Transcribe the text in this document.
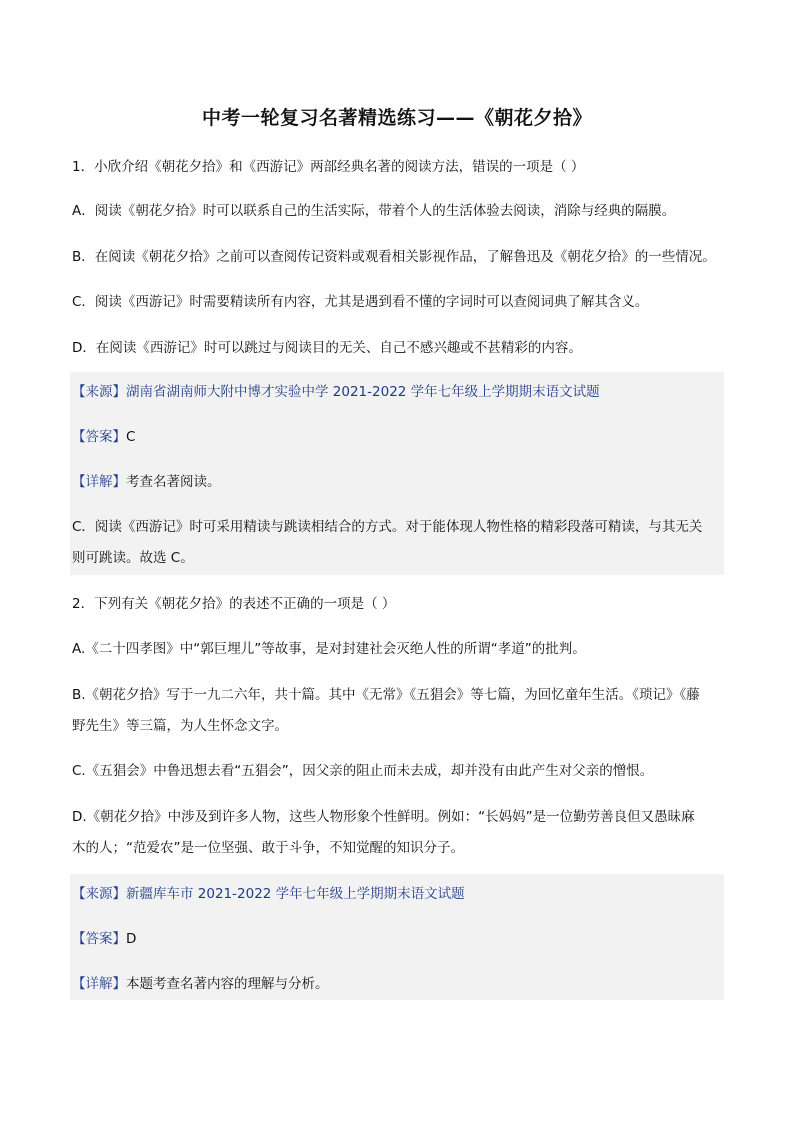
中考一轮复习名著精选练习——《朝花夕拾》
1．小欣介绍《朝花夕拾》和《西游记》两部经典名著的阅读方法，错误的一项是（ ）
A．阅读《朝花夕拾》时可以联系自己的生活实际，带着个人的生活体验去阅读，消除与经典的隔膜。
B．在阅读《朝花夕拾》之前可以查阅传记资料或观看相关影视作品，了解鲁迅及《朝花夕拾》的一些情况。
C．阅读《西游记》时需要精读所有内容，尤其是遇到看不懂的字词时可以查阅词典了解其含义。
D．在阅读《西游记》时可以跳过与阅读目的无关、自己不感兴趣或不甚精彩的内容。
【来源】湖南省湖南师大附中博才实验中学 2021-2022 学年七年级上学期期末语文试题
【答案】C
【详解】考查名著阅读。
C．阅读《西游记》时可采用精读与跳读相结合的方式。对于能体现人物性格的精彩段落可精读，与其无关
则可跳读。故选 C。
2．下列有关《朝花夕拾》的表述不正确的一项是（ ）
A.《二十四孝图》中“郭巨埋儿”等故事，是对封建社会灭绝人性的所谓“孝道”的批判。
B.《朝花夕拾》写于一九二六年，共十篇。其中《无常》《五猖会》等七篇，为回忆童年生活。《琐记》《藤
野先生》等三篇，为人生怀念文字。
C.《五猖会》中鲁迅想去看“五猖会”，因父亲的阻止而未去成，却并没有由此产生对父亲的憎恨。
D.《朝花夕拾》中涉及到许多人物，这些人物形象个性鲜明。例如：“长妈妈”是一位勤劳善良但又愚昧麻
木的人；“范爱农”是一位坚强、敢于斗争，不知觉醒的知识分子。
【来源】新疆库车市 2021-2022 学年七年级上学期期末语文试题
【答案】D
【详解】本题考查名著内容的理解与分析。
